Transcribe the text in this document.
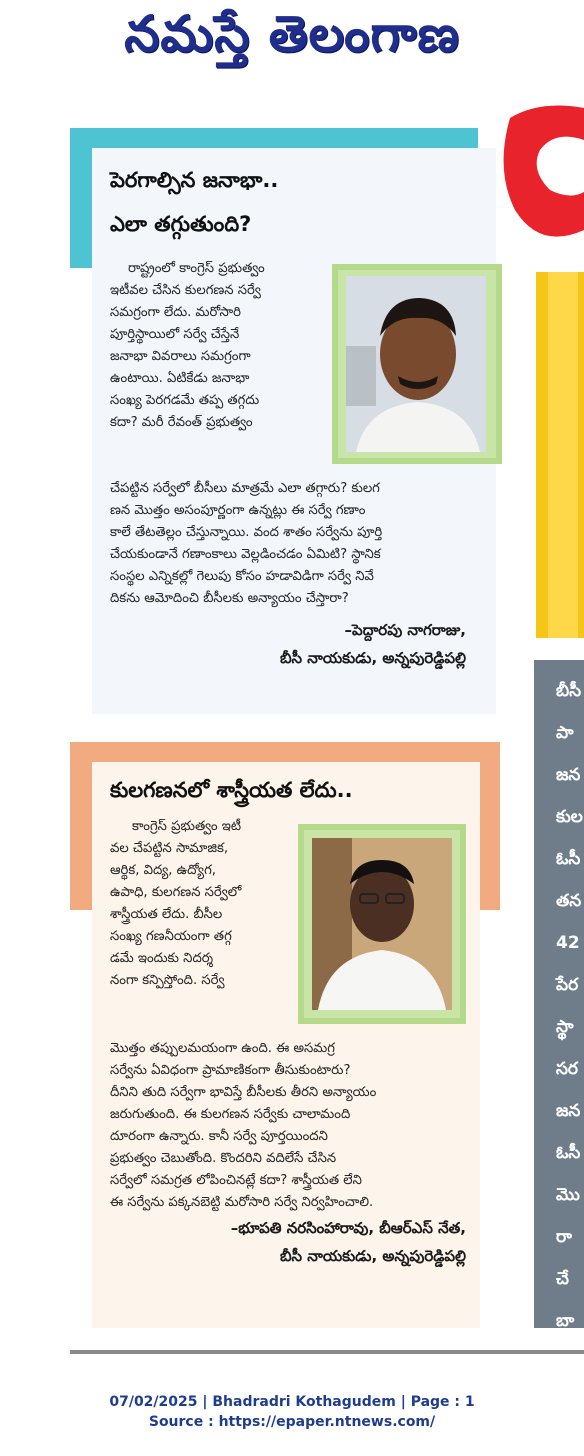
నమస్తే తెలంగాణ
బీసీ
పా
జన
కుల
ఓసీ
తన
42
పేర
స్థా
సర
జన
ఓసీ
మొ
రా
చే
బా
పెరగాల్సిన జనాభా..
ఎలా తగ్గుతుంది?
రాష్ట్రంలో కాంగ్రెస్ ప్రభుత్వం
ఇటీవల చేసిన కులగణన సర్వే
సమగ్రంగా లేదు. మరోసారి
పూర్తిస్థాయిలో సర్వే చేస్తేనే
జనాభా వివరాలు సమగ్రంగా
ఉంటాయి. ఏటికేడు జనాభా
సంఖ్య పెరగడమే తప్ప తగ్గదు
కదా? మరీ రేవంత్ ప్రభుత్వం
చేపట్టిన సర్వేలో బీసీలు మాత్రమే ఎలా తగ్గారు? కులగ
ణన మొత్తం అసంపూర్ణంగా ఉన్నట్లు ఈ సర్వే గణాం
కాలే తేటతెల్లం చేస్తున్నాయి. వంద శాతం సర్వేను పూర్తి
చేయకుండానే గణాంకాలు వెల్లడించడం ఏమిటి? స్థానిక
సంస్థల ఎన్నికల్లో గెలుపు కోసం హడావిడిగా సర్వే నివే
దికను ఆమోదించి బీసీలకు అన్యాయం చేస్తారా?
–పెద్దారపు నాగరాజు,
బీసీ నాయకుడు, అన్నపురెడ్డిపల్లి
కులగణనలో శాస్త్రీయత లేదు..
కాంగ్రెస్ ప్రభుత్వం ఇటీ
వల చేపట్టిన సామాజిక,
ఆర్థిక, విద్య, ఉద్యోగ,
ఉపాధి, కులగణన సర్వేలో
శాస్త్రీయత లేదు. బీసీల
సంఖ్య గణనీయంగా తగ్గ
డమే ఇందుకు నిదర్శ
నంగా కన్పిస్తోంది. సర్వే
మొత్తం తప్పులమయంగా ఉంది. ఈ అసమగ్ర
సర్వేను ఏవిధంగా ప్రామాణికంగా తీసుకుంటారు?
దీనిని తుది సర్వేగా భావిస్తే బీసీలకు తీరని అన్యాయం
జరుగుతుంది. ఈ కులగణన సర్వేకు చాలామంది
దూరంగా ఉన్నారు. కానీ సర్వే పూర్తయిందని
ప్రభుత్వం చెబుతోంది. కొందరిని వదిలేసే చేసిన
సర్వేలో సమగ్రత లోపించినట్లే కదా? శాస్త్రీయత లేని
ఈ సర్వేను పక్కనబెట్టి మరోసారి సర్వే నిర్వహించాలి.
–భూపతి నరసింహారావు, బీఆర్ఎస్ నేత,
బీసీ నాయకుడు, అన్నపురెడ్డిపల్లి
07/02/2025 | Bhadradri Kothagudem | Page : 1
Source : https://epaper.ntnews.com/
